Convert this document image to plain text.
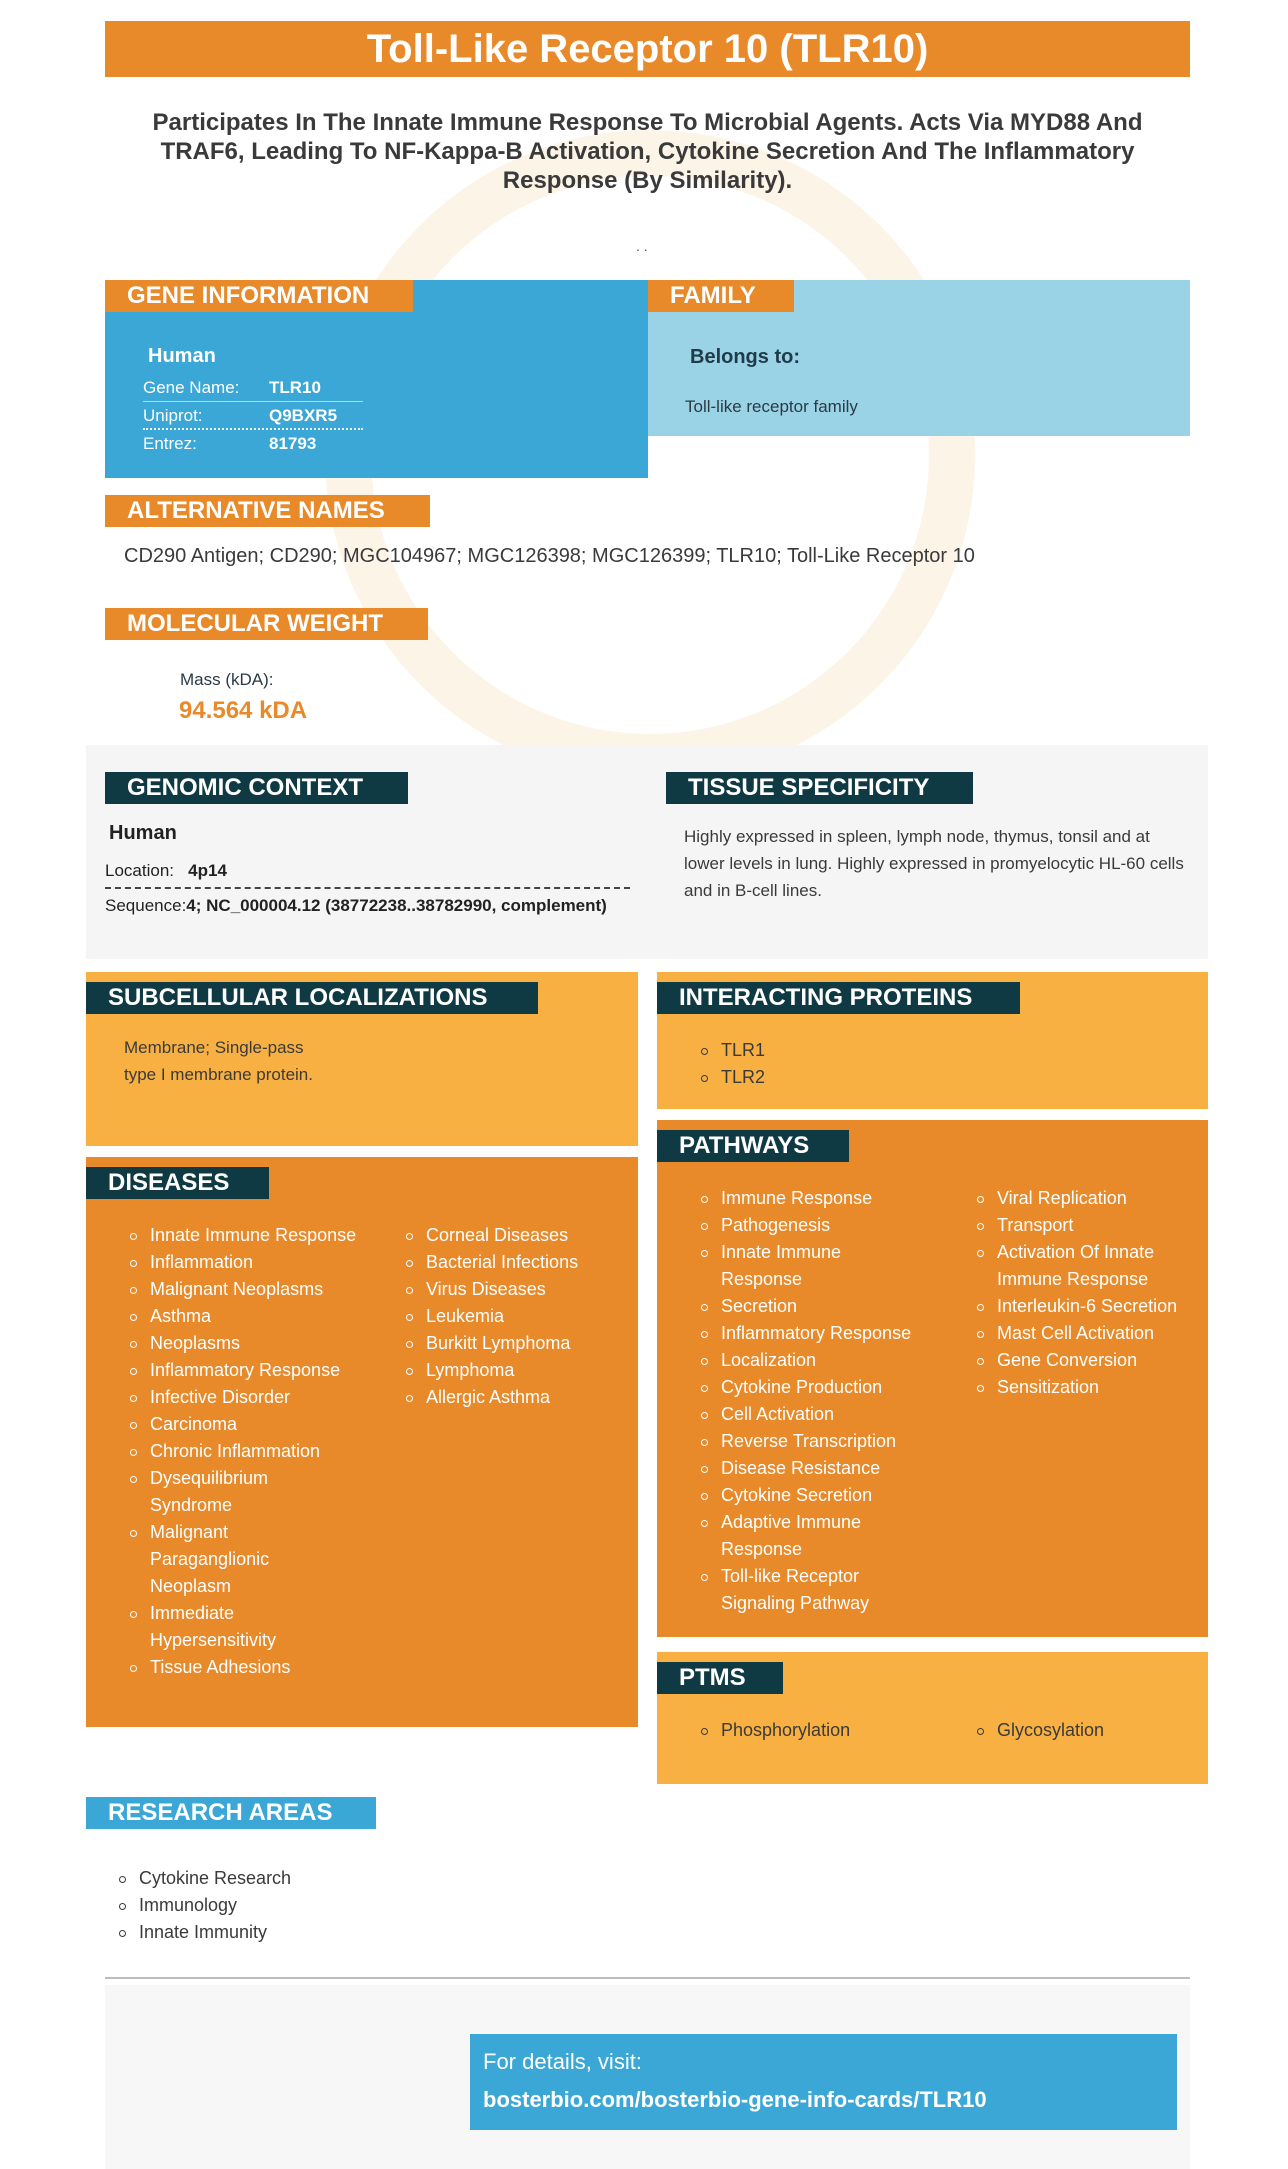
Toll-Like Receptor 10 (TLR10)
Participates In The Innate Immune Response To Microbial Agents. Acts Via MYD88 And TRAF6, Leading To NF-Kappa-B Activation, Cytokine Secretion And The Inflammatory Response (By Similarity).
. .
GENE INFORMATION
Human
Gene Name: TLR10
Uniprot:	Q9BXR5
Entrez:	81793
FAMILY
Belongs to:
Toll-like receptor family
ALTERNATIVE NAMES
CD290 Antigen; CD290; MGC104967; MGC126398; MGC126399; TLR10; Toll-Like Receptor 10
MOLECULAR WEIGHT
Mass (kDA):
94.564 kDA
GENOMIC CONTEXT
Human
Location: 4p14
Sequence:4; NC_000004.12 (38772238..38782990, complement)
TISSUE SPECIFICITY
Highly expressed in spleen, lymph node, thymus, tonsil and at lower levels in lung. Highly expressed in promyelocytic HL-60 cells and in B-cell lines.
SUBCELLULAR LOCALIZATIONS
Membrane; Single-pass
type I membrane protein.
INTERACTING PROTEINS
TLR1
TLR2
DISEASES
Innate Immune Response
Inflammation
Malignant Neoplasms
Asthma
Neoplasms
Inflammatory Response
Infective Disorder
Carcinoma
Chronic Inflammation
Dysequilibrium Syndrome
Malignant Paraganglionic Neoplasm
Immediate Hypersensitivity
Tissue Adhesions
Corneal Diseases
Bacterial Infections
Virus Diseases
Leukemia
Burkitt Lymphoma
Lymphoma
Allergic Asthma
PATHWAYS
Immune Response
Pathogenesis
Innate Immune Response
Secretion
Inflammatory Response
Localization
Cytokine Production
Cell Activation
Reverse Transcription
Disease Resistance
Cytokine Secretion
Adaptive Immune Response
Toll-like Receptor Signaling Pathway
Viral Replication
Transport
Activation Of Innate Immune Response
Interleukin-6 Secretion
Mast Cell Activation
Gene Conversion
Sensitization
PTMS
Phosphorylation	Glycosylation
RESEARCH AREAS
Cytokine Research
Immunology
Innate Immunity
For details, visit:
bosterbio.com/bosterbio-gene-info-cards/TLR10
